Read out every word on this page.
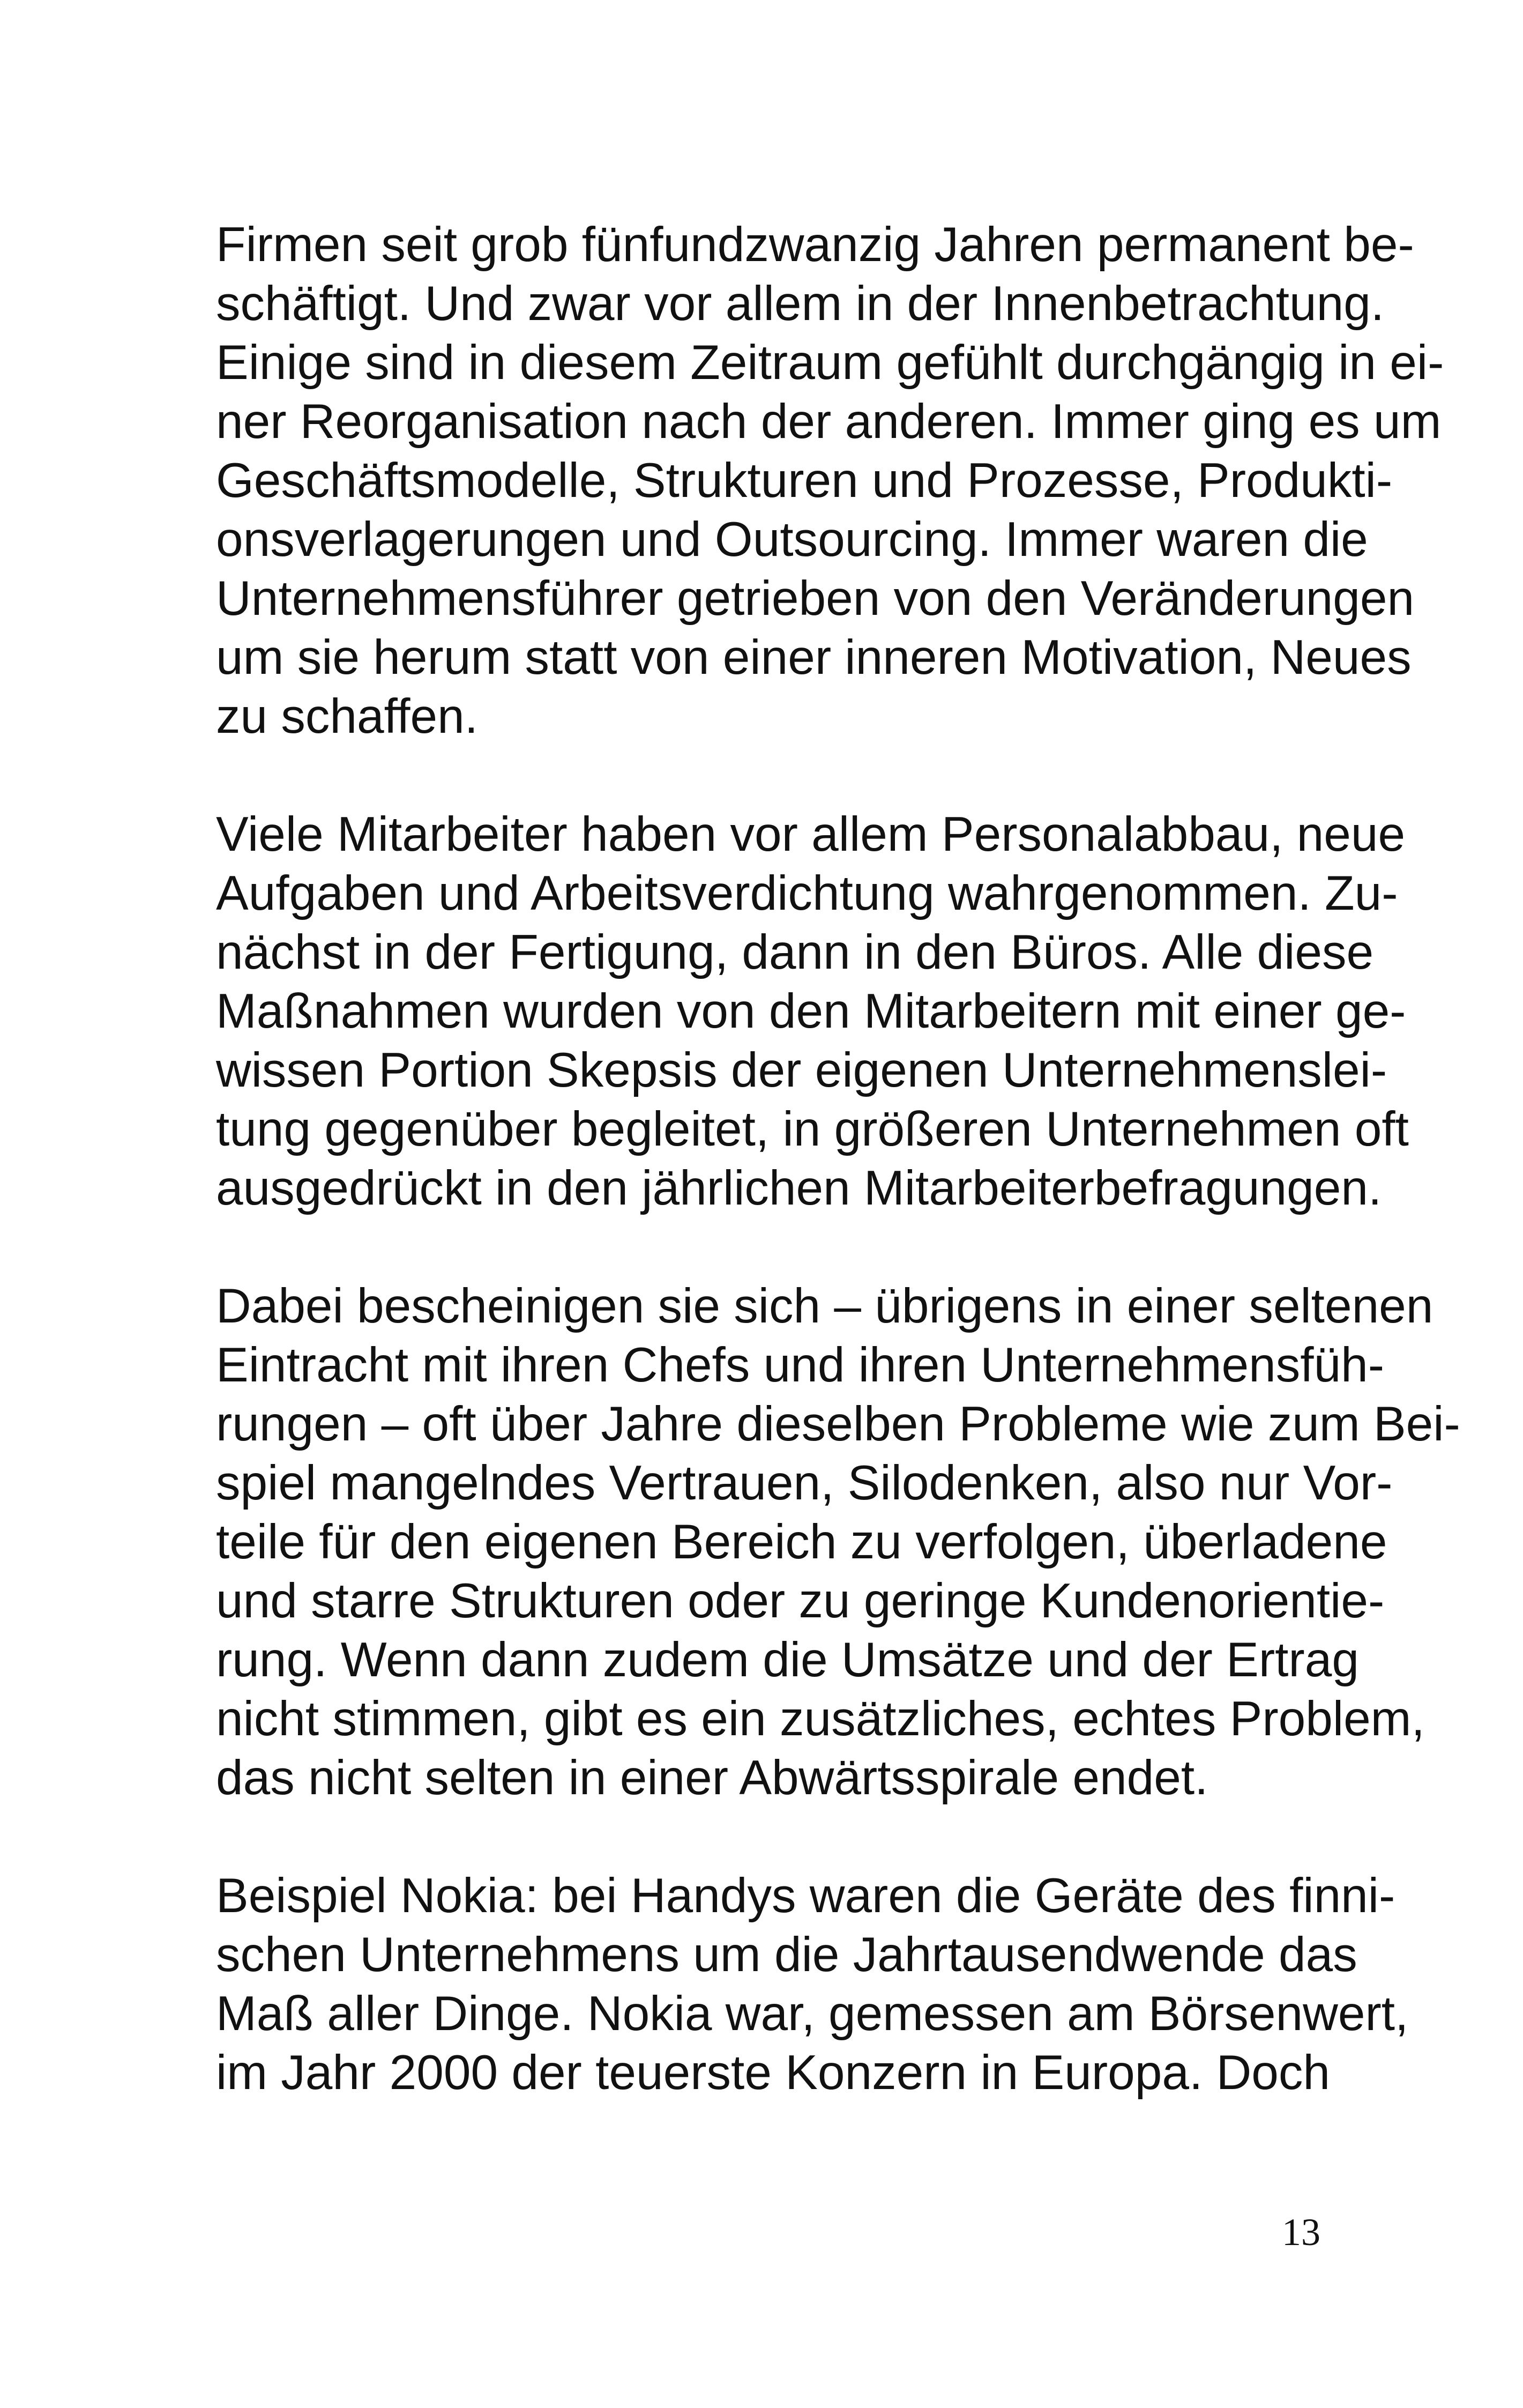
Firmen seit grob fünfundzwanzig Jahren permanent be-
schäftigt. Und zwar vor allem in der Innenbetrachtung.
Einige sind in diesem Zeitraum gefühlt durchgängig in ei-
ner Reorganisation nach der anderen. Immer ging es um
Geschäftsmodelle, Strukturen und Prozesse, Produkti-
onsverlagerungen und Outsourcing. Immer waren die
Unternehmensführer getrieben von den Veränderungen
um sie herum statt von einer inneren Motivation, Neues
zu schaffen.
Viele Mitarbeiter haben vor allem Personalabbau, neue
Aufgaben und Arbeitsverdichtung wahrgenommen. Zu-
nächst in der Fertigung, dann in den Büros. Alle diese
Maßnahmen wurden von den Mitarbeitern mit einer ge-
wissen Portion Skepsis der eigenen Unternehmenslei-
tung gegenüber begleitet, in größeren Unternehmen oft
ausgedrückt in den jährlichen Mitarbeiterbefragungen.
Dabei bescheinigen sie sich – übrigens in einer seltenen
Eintracht mit ihren Chefs und ihren Unternehmensfüh-
rungen – oft über Jahre dieselben Probleme wie zum Bei-
spiel mangelndes Vertrauen, Silodenken, also nur Vor-
teile für den eigenen Bereich zu verfolgen, überladene
und starre Strukturen oder zu geringe Kundenorientie-
rung. Wenn dann zudem die Umsätze und der Ertrag
nicht stimmen, gibt es ein zusätzliches, echtes Problem,
das nicht selten in einer Abwärtsspirale endet.
Beispiel Nokia: bei Handys waren die Geräte des finni-
schen Unternehmens um die Jahrtausendwende das
Maß aller Dinge. Nokia war, gemessen am Börsenwert,
im Jahr 2000 der teuerste Konzern in Europa. Doch
13
